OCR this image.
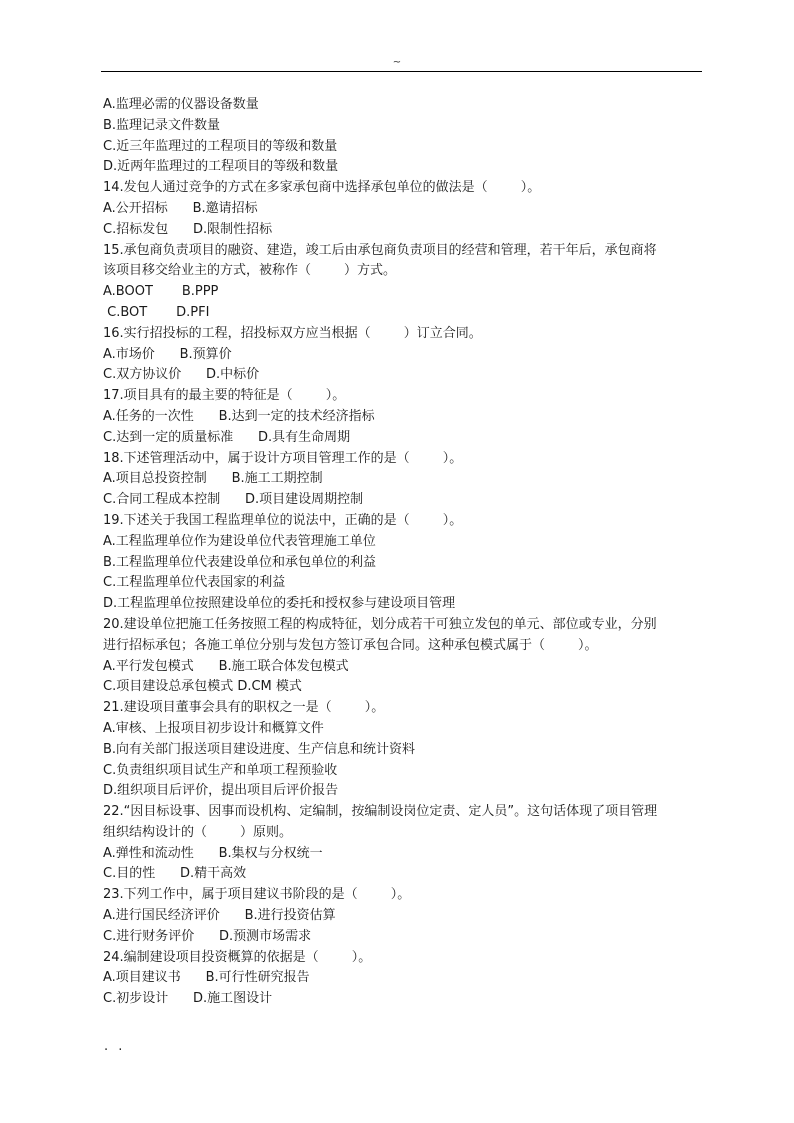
~
A.监理必需的仪器设备数量
B.监理记录文件数量
C.近三年监理过的工程项目的等级和数量
D.近两年监理过的工程项目的等级和数量
14.发包人通过竞争的方式在多家承包商中选择承包单位的做法是（        ）。
A.公开招标      B.邀请招标
C.招标发包      D.限制性招标
15.承包商负责项目的融资、建造，竣工后由承包商负责项目的经营和管理，若干年后，承包商将
该项目移交给业主的方式，被称作（        ）方式。
A.BOOT       B.PPP
C.BOT       D.PFI
16.实行招投标的工程，招投标双方应当根据（        ）订立合同。
A.市场价      B.预算价
C.双方协议价      D.中标价
17.项目具有的最主要的特征是（        ）。
A.任务的一次性      B.达到一定的技术经济指标
C.达到一定的质量标准      D.具有生命周期
18.下述管理活动中，属于设计方项目管理工作的是（        ）。
A.项目总投资控制      B.施工工期控制
C.合同工程成本控制      D.项目建设周期控制
19.下述关于我国工程监理单位的说法中，正确的是（        ）。
A.工程监理单位作为建设单位代表管理施工单位
B.工程监理单位代表建设单位和承包单位的利益
C.工程监理单位代表国家的利益
D.工程监理单位按照建设单位的委托和授权参与建设项目管理
20.建设单位把施工任务按照工程的构成特征，划分成若干可独立发包的单元、部位或专业，分别
进行招标承包；各施工单位分别与发包方签订承包合同。这种承包模式属于（        ）。
A.平行发包模式      B.施工联合体发包模式
C.项目建设总承包模式 D.CM 模式
21.建设项目董事会具有的职权之一是（        ）。
A.审核、上报项目初步设计和概算文件
B.向有关部门报送项目建设进度、生产信息和统计资料
C.负责组织项目试生产和单项工程预验收
D.组织项目后评价，提出项目后评价报告
22.“因目标设事、因事而设机构、定编制，按编制设岗位定责、定人员”。这句话体现了项目管理
组织结构设计的（        ）原则。
A.弹性和流动性      B.集权与分权统一
C.目的性      D.精干高效
23.下列工作中，属于项目建议书阶段的是（        ）。
A.进行国民经济评价      B.进行投资估算
C.进行财务评价      D.预测市场需求
24.编制建设项目投资概算的依据是（        ）。
A.项目建议书      B.可行性研究报告
C.初步设计      D.施工图设计
. .
